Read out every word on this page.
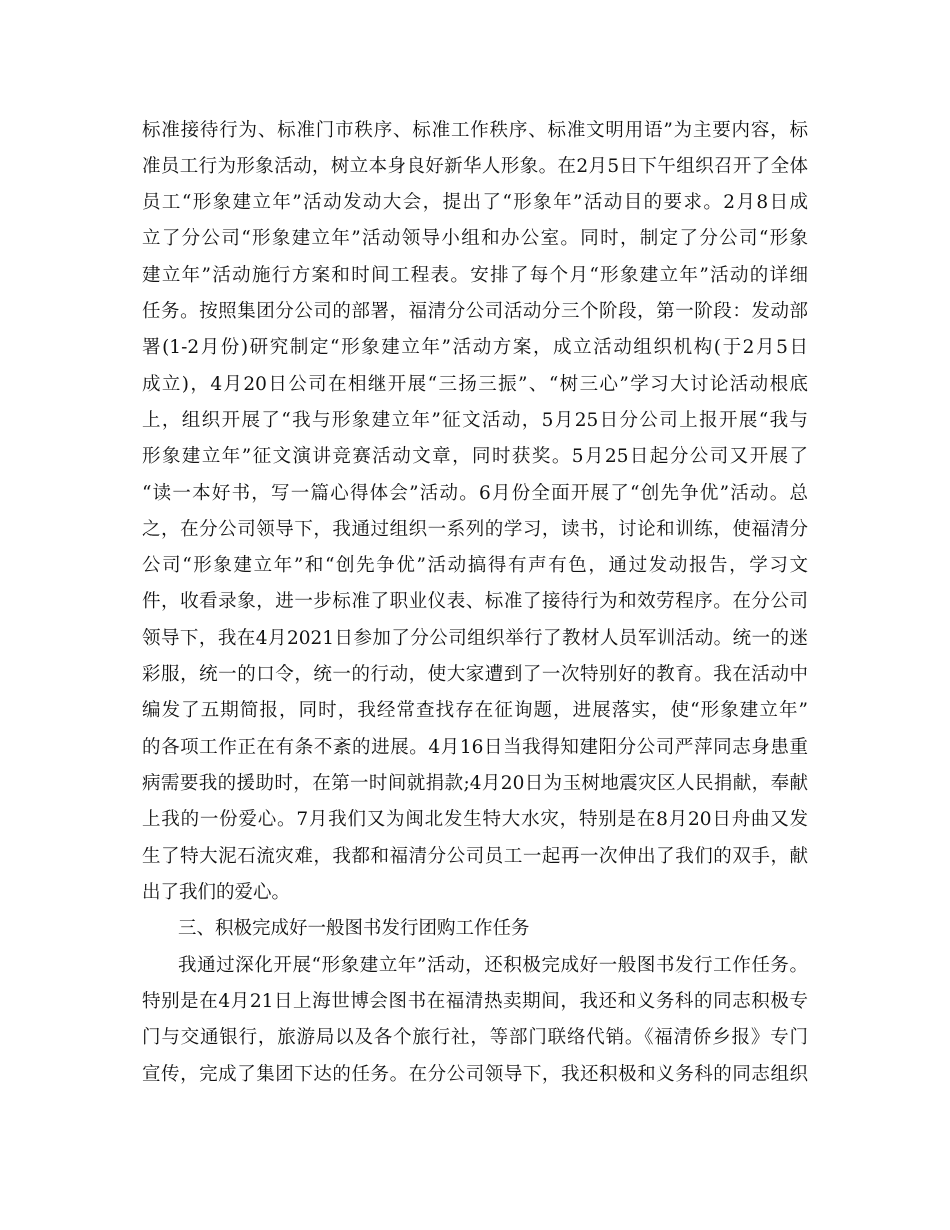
标准接待行为、标准门市秩序、标准工作秩序、标准文明用语”为主要内容，标
准员工行为形象活动，树立本身良好新华人形象。在2月5日下午组织召开了全体
员工“形象建立年”活动发动大会，提出了“形象年”活动目的要求。2月8日成
立了分公司“形象建立年”活动领导小组和办公室。同时，制定了分公司“形象
建立年”活动施行方案和时间工程表。安排了每个月“形象建立年”活动的详细
任务。按照集团分公司的部署，福清分公司活动分三个阶段，第一阶段：发动部
署(1-2月份)研究制定“形象建立年”活动方案，成立活动组织机构(于2月5日
成立)，4月20日公司在相继开展“三扬三振”、“树三心”学习大讨论活动根底
上，组织开展了“我与形象建立年”征文活动，5月25日分公司上报开展“我与
形象建立年”征文演讲竞赛活动文章，同时获奖。5月25日起分公司又开展了
“读一本好书，写一篇心得体会”活动。6月份全面开展了“创先争优”活动。总
之，在分公司领导下，我通过组织一系列的学习，读书，讨论和训练，使福清分
公司“形象建立年”和“创先争优”活动搞得有声有色，通过发动报告，学习文
件，收看录象，进一步标准了职业仪表、标准了接待行为和效劳程序。在分公司
领导下，我在4月2021日参加了分公司组织举行了教材人员军训活动。统一的迷
彩服，统一的口令，统一的行动，使大家遭到了一次特别好的教育。我在活动中
编发了五期简报，同时，我经常查找存在征询题，进展落实，使“形象建立年”
的各项工作正在有条不紊的进展。4月16日当我得知建阳分公司严萍同志身患重
病需要我的援助时，在第一时间就捐款;4月20日为玉树地震灾区人民捐献，奉献
上我的一份爱心。7月我们又为闽北发生特大水灾，特别是在8月20日舟曲又发
生了特大泥石流灾难，我都和福清分公司员工一起再一次伸出了我们的双手，献
出了我们的爱心。
三、积极完成好一般图书发行团购工作任务
我通过深化开展“形象建立年”活动，还积极完成好一般图书发行工作任务。
特别是在4月21日上海世博会图书在福清热卖期间，我还和义务科的同志积极专
门与交通银行，旅游局以及各个旅行社，等部门联络代销。《福清侨乡报》专门
宣传，完成了集团下达的任务。在分公司领导下，我还积极和义务科的同志组织
